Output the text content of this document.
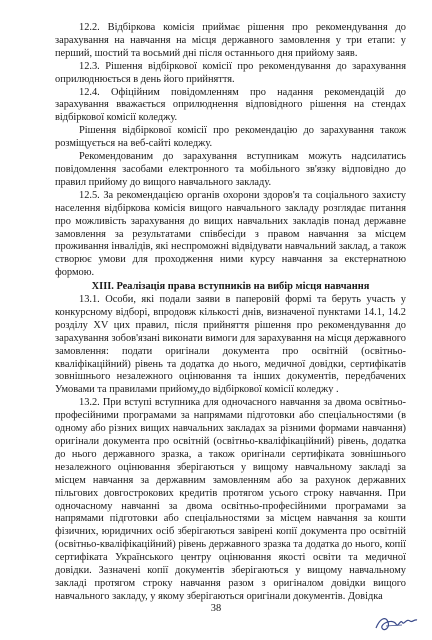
12.2. Відбіркова комісія приймає рішення про рекомендування до зарахування на навчання на місця державного замовлення у три етапи: у перший, шостий та восьмий дні після останнього дня прийому заяв.

12.3. Рішення відбіркової комісії про рекомендування до зарахування оприлюднюється в день його прийняття.

12.4. Офіційним повідомленням про надання рекомендацій до зарахування вважається оприлюднення відповідного рішення на стендах відбіркової комісії коледжу.

Рішення відбіркової комісії про рекомендацію до зарахування також розміщується на веб-сайті коледжу.

Рекомендованим до зарахування вступникам можуть надсилатись повідомлення засобами електронного та мобільного зв'язку відповідно до правил прийому до вищого навчального закладу.

12.5. За рекомендацією органів охорони здоров'я та соціального захисту населення відбіркова комісія вищого навчального закладу розглядає питання про можливість зарахування до вищих навчальних закладів понад державне замовлення за результатами співбесіди з правом навчання за місцем проживання інвалідів, які неспроможні відвідувати навчальний заклад, а також створює умови для проходження ними курсу навчання за екстернатною формою.

XIII. Реалізація права вступників на вибір місця навчання

13.1. Особи, які подали заяви в паперовій формі та беруть участь у конкурсному відборі, впродовж кількості днів, визначеної пунктами 14.1, 14.2 розділу XV цих правил, після прийняття рішення про рекомендування до зарахування зобов'язані виконати вимоги для зарахування на місця державного замовлення: подати оригінали документа про освітній (освітньо-кваліфікаційний) рівень та додатка до нього, медичної довідки, сертифікатів зовнішнього незалежного оцінювання та інших документів, передбачених Умовами та правилами прийому,до відбіркової комісії коледжу .

13.2. При вступі вступника для одночасного навчання за двома освітньо-професійними програмами за напрямами підготовки або спеціальностями (в одному або різних вищих навчальних закладах за різними формами навчання) оригінали документа про освітній (освітньо-кваліфікаційний) рівень, додатка до нього державного зразка, а також оригінали сертифіката зовнішнього незалежного оцінювання зберігаються у вищому навчальному закладі за місцем навчання за державним замовленням або за рахунок державних пільгових довгострокових кредитів протягом усього строку навчання. При одночасному навчанні за двома освітньо-професійними програмами за напрямами підготовки або спеціальностями за місцем навчання за кошти фізичних, юридичних осіб зберігаються завірені копії документа про освітній (освітньо-кваліфікаційний) рівень державного зразка та додатка до нього, копії сертифіката Українського центру оцінювання якості освіти та медичної довідки. Зазначені копії документів зберігаються у вищому навчальному закладі протягом строку навчання разом з оригіналом довідки вищого навчального закладу, у якому зберігаються оригінали документів. Довідка

38
